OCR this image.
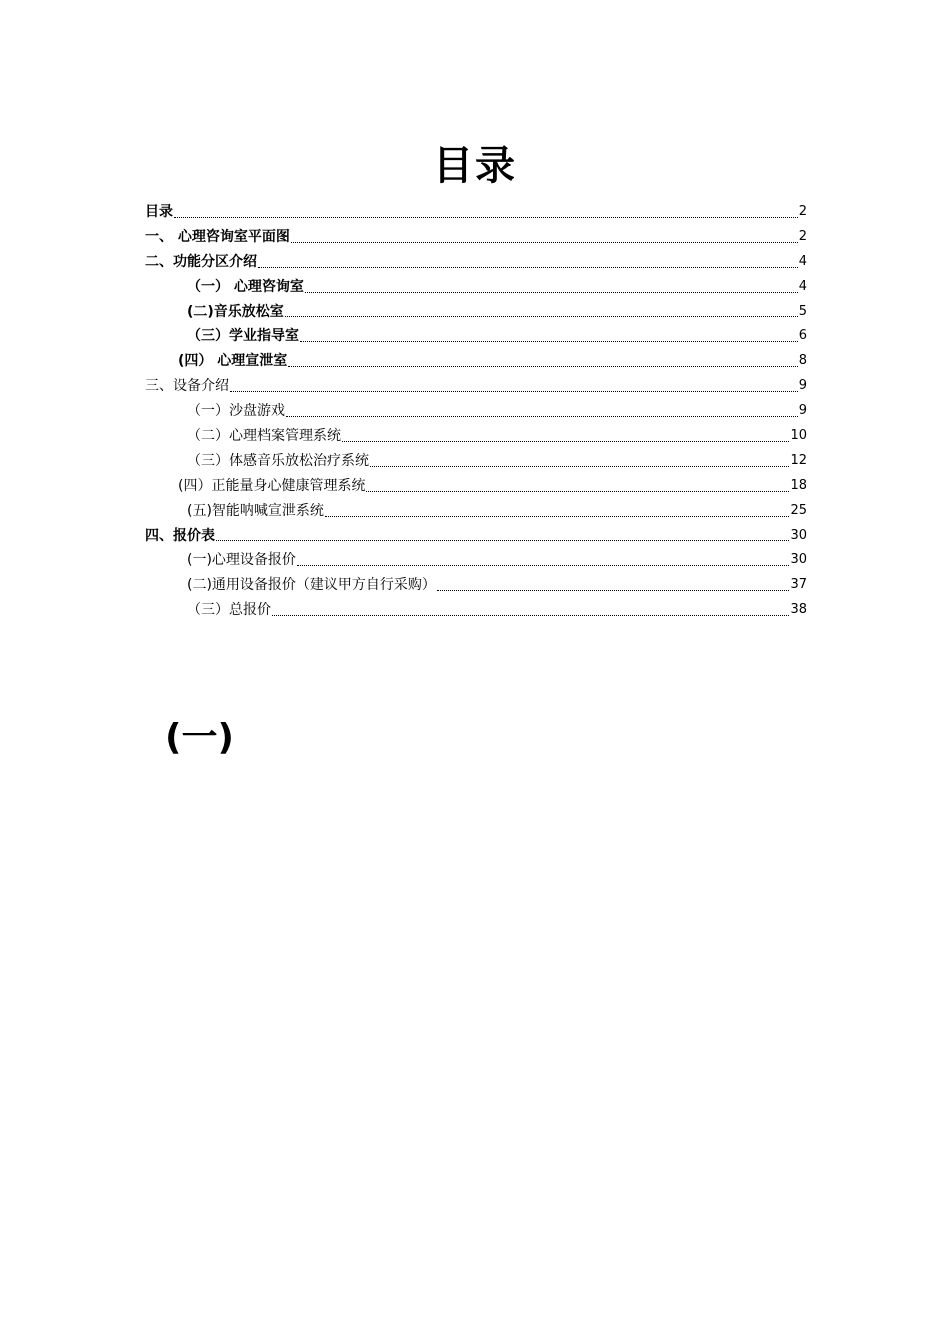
目录
目录	2
一、 心理咨询室平面图	2
二、功能分区介绍	4
（一） 心理咨询室	4
(二)音乐放松室	5
（三）学业指导室	6
(四） 心理宣泄室	8
三、设备介绍	9
（一）沙盘游戏	9
（二）心理档案管理系统	10
（三）体感音乐放松治疗系统	12
(四）正能量身心健康管理系统	18
(五)智能呐喊宣泄系统	25
四、报价表	30
(一)心理设备报价	30
(二)通用设备报价（建议甲方自行采购）	37
（三）总报价	38
(一)
